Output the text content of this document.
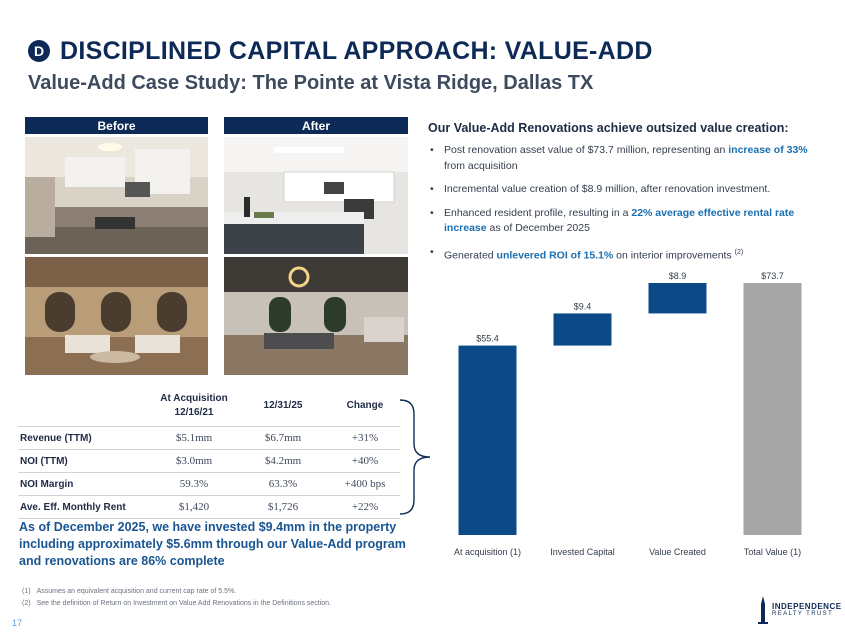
D DISCIPLINED CAPITAL APPROACH: VALUE-ADD
Value-Add Case Study: The Pointe at Vista Ridge, Dallas TX
Before	After
	At Acquisition 12/16/21	12/31/25	Change
Revenue (TTM)	$5.1mm	$6.7mm	+31%
NOI (TTM)	$3.0mm	$4.2mm	+40%
NOI Margin	59.3%	63.3%	+400 bps
Ave. Eff. Monthly Rent	$1,420	$1,726	+22%
As of December 2025, we have invested $9.4mm in the property including approximately $5.6mm through our Value-Add program and renovations are 86% complete
Our Value-Add Renovations achieve outsized value creation:
• Post renovation asset value of $73.7 million, representing an increase of 33% from acquisition
• Incremental value creation of $8.9 million, after renovation investment.
• Enhanced resident profile, resulting in a 22% average effective rental rate increase as of December 2025
• Generated unlevered ROI of 15.1% on interior improvements $^{(2)}$
$55.4
At acquisition (1)
$9.4
Invested Capital
$8.9
Value Created
$73.7
Total Value (1)
(1) Assumes an equivalent acquisition and current cap rate of 5.5%.
(2) See the definition of Return on Investment on Value Add Renovations in the Definitions section.
17
INDEPENDENCE
REALTY TRUST
